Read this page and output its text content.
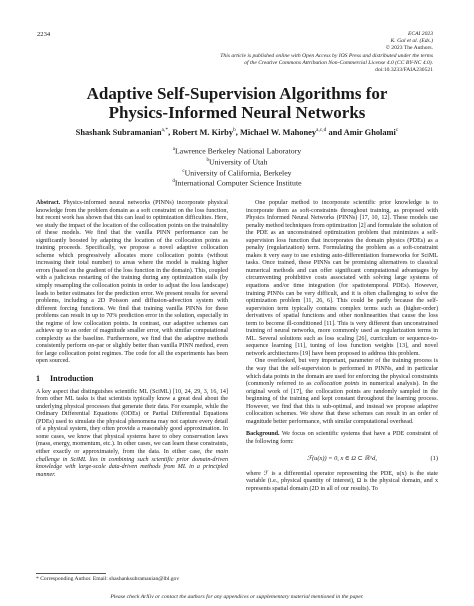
2234	ECAI 2023
K. Gal et al. (Eds.)
© 2023 The Authors.
This article is published online with Open Access by IOS Press and distributed under the terms
of the Creative Commons Attribution Non-Commercial License 4.0 (CC BY-NC 4.0).
doi:10.3233/FAIA230521
Adaptive Self-Supervision Algorithms for
Physics-Informed Neural Networks
Shashank Subramanian$^{a,*}$, Robert M. Kirby$^b$, Michael W. Mahoney$^{a,c,d}$ and Amir Gholami$^c$
$^a$Lawrence Berkeley National Laboratory
$^b$University of Utah
$^c$University of California, Berkeley
$^d$International Computer Science Institute

Abstract. Physics-informed neural networks (PINNs) incorporate physical knowledge from the problem domain as a soft constraint on the loss function, but recent work has shown that this can lead to optimization difficulties. Here, we study the impact of the location of the collocation points on the trainability of these models. We find that the vanilla PINN performance can be significantly boosted by adapting the location of the collocation points as training proceeds. Specifically, we propose a novel adaptive collocation scheme which progressively allocates more collocation points (without increasing their total number) to areas where the model is making higher errors (based on the gradient of the loss function in the domain). This, coupled with a judicious restarting of the training during any optimization stalls (by simply resampling the collocation points in order to adjust the loss landscape) leads to better estimates for the prediction error. We present results for several problems, including a 2D Poisson and diffusion-advection system with different forcing functions. We find that training vanilla PINNs for these problems can result in up to 70% prediction error in the solution, especially in the regime of low collocation points. In contrast, our adaptive schemes can achieve up to an order of magnitude smaller error, with similar computational complexity as the baseline. Furthermore, we find that the adaptive methods consistently perform on-par or slightly better than vanilla PINN method, even for large collocation point regimes. The code for all the experiments has been open sourced.

1 Introduction

A key aspect that distinguishes scientific ML (SciML) [10, 24, 29, 3, 16, 14] from other ML tasks is that scientists typically know a great deal about the underlying physical processes that generate their data. For example, while the Ordinary Differential Equations (ODEs) or Partial Differential Equations (PDEs) used to simulate the physical phenomena may not capture every detail of a physical system, they often provide a reasonably good approximation. In some cases, we know that physical systems have to obey conservation laws (mass, energy, momentum, etc.). In other cases, we can learn these constraints, either exactly or approximately, from the data. In either case, the main challenge in SciML lies in combining such scientific prior domain-driven knowledge with large-scale data-driven methods from ML in a principled manner.

One popular method to incorporate scientific prior knowledge is to incorporate them as soft-constraints throughout training, as proposed with Physics Informed Neural Networks (PINNs) [17, 10, 12]. These models use penalty method techniques from optimization [2] and formulate the solution of the PDE as an unconstrained optimization problem that minimizes a self-supervision loss function that incorporates the domain physics (PDEs) as a penalty (regularization) term. Formulating the problem as a soft-constraint makes it very easy to use existing auto-differentiation frameworks for SciML tasks. Once trained, these PINNs can be promising alternatives to classical numerical methods and can offer significant computational advantages by circumventing prohibitive costs associated with solving large systems of equations and/or time integration (for spatiotemporal PDEs). However, training PINNs can be very difficult, and it is often challenging to solve the optimization problem [11, 26, 6]. This could be partly because the self-supervision term typically contains complex terms such as (higher-order) derivatives of spatial functions and other nonlinearities that cause the loss term to become ill-conditioned [11]. This is very different than unconstrained training of neural networks, more commonly used as regularization terms in ML. Several solutions such as loss scaling [26], curriculum or sequence-to-sequence learning [11], tuning of loss function weights [13], and novel network architectures [19] have been proposed to address this problem.

One overlooked, but very important, parameter of the training process is the way that the self-supervision is performed in PINNs, and in particular which data points in the domain are used for enforcing the physical constraints (commonly referred to as collocation points in numerical analysis). In the original work of [17], the collocation points are randomly sampled in the beginning of the training and kept constant throughout the learning process. However, we find that this is sub-optimal, and instead we propose adaptive collocation schemes. We show that these schemes can result in an order of magnitude better performance, with similar computational overhead.

Background. We focus on scientific systems that have a PDE constraint of the following form:

ℱ(u(x)) = 0, x ∈ Ω ⊂ ℝ^d,	(1)

where ℱ is a differential operator representing the PDE, u(x) is the state variable (i.e., physical quantity of interest), Ω is the physical domain, and x represents spatial domain (2D in all of our results). To

* Corresponding Author. Email: shashanksubramanian@lbl.gov
Please check ArXiv or contact the authors for any appendices or supplementary material mentioned in the paper.
